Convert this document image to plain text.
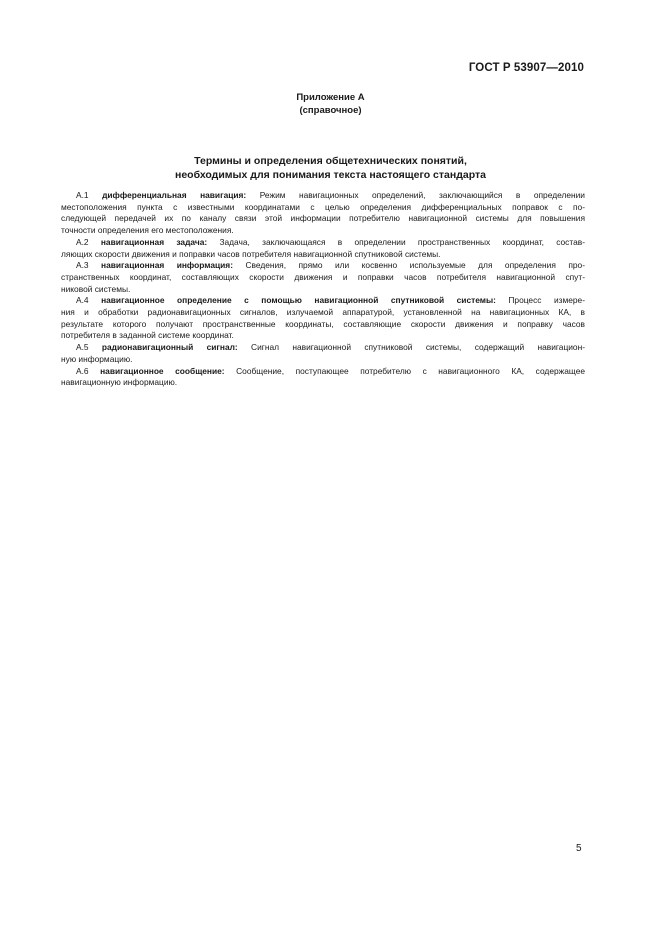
ГОСТ Р 53907—2010
Приложение А
(справочное)
Термины и определения общетехнических понятий,
необходимых для понимания текста настоящего стандарта
А.1 дифференциальная навигация: Режим навигационных определений, заключающийся в определении
местоположения пункта с известными координатами с целью определения дифференциальных поправок с по-
следующей передачей их по каналу связи этой информации потребителю навигационной системы для повышения
точности определения его местоположения.
А.2 навигационная задача: Задача, заключающаяся в определении пространственных координат, состав-
ляющих скорости движения и поправки часов потребителя навигационной спутниковой системы.
А.3 навигационная информация: Сведения, прямо или косвенно используемые для определения про-
странственных координат, составляющих скорости движения и поправки часов потребителя навигационной спут-
никовой системы.
А.4 навигационное определение с помощью навигационной спутниковой системы: Процесс измере-
ния и обработки радионавигационных сигналов, излучаемой аппаратурой, установленной на навигационных КА, в
результате которого получают пространственные координаты, составляющие скорости движения и поправку часов
потребителя в заданной системе координат.
А.5 радионавигационный сигнал: Сигнал навигационной спутниковой системы, содержащий навигацион-
ную информацию.
А.6 навигационное сообщение: Сообщение, поступающее потребителю с навигационного КА, содержащее
навигационную информацию.
5
